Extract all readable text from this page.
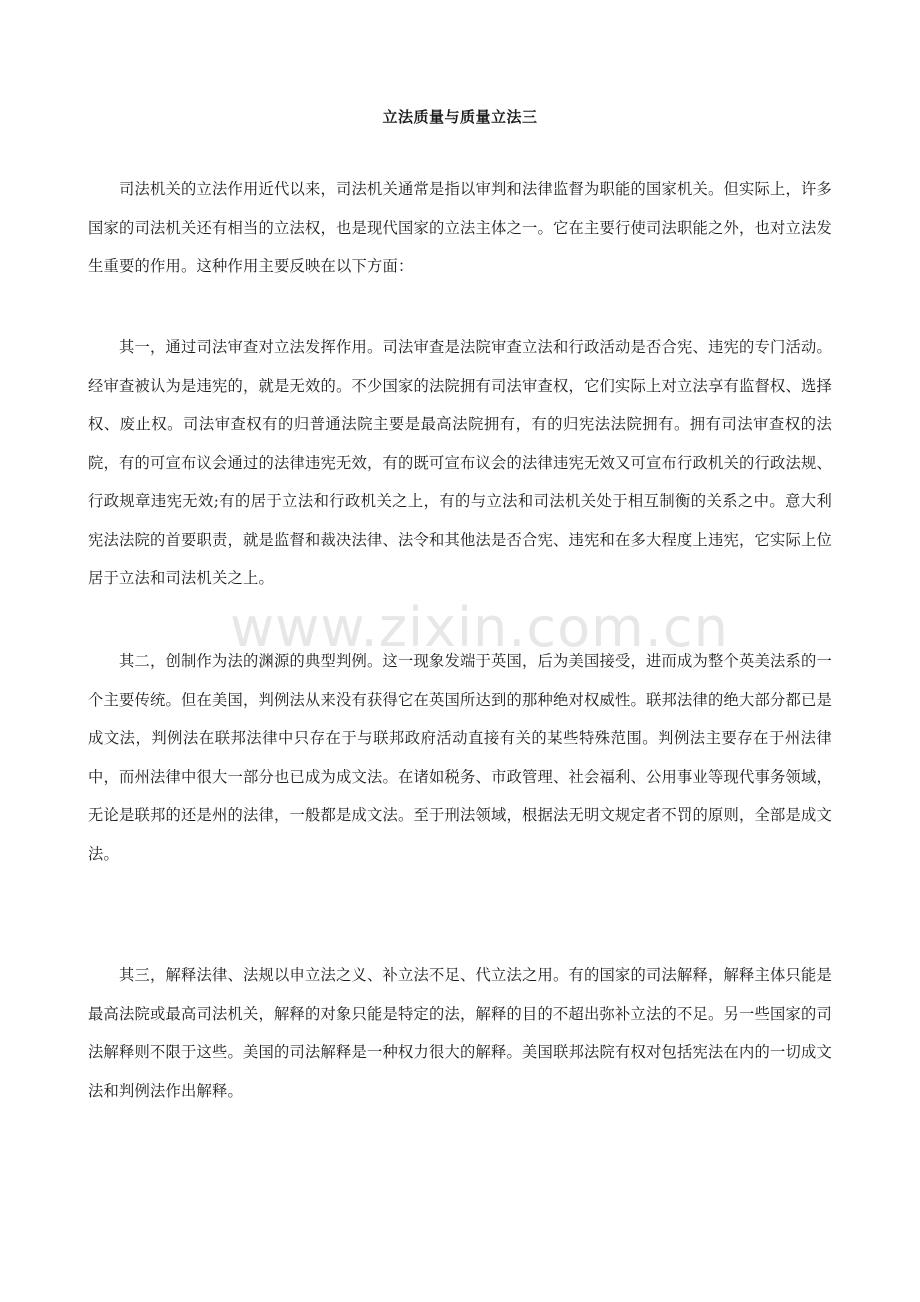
立法质量与质量立法三

司法机关的立法作用近代以来，司法机关通常是指以审判和法律监督为职能的国家机关。但实际上，许多国家的司法机关还有相当的立法权，也是现代国家的立法主体之一。它在主要行使司法职能之外，也对立法发生重要的作用。这种作用主要反映在以下方面：

其一，通过司法审查对立法发挥作用。司法审查是法院审查立法和行政活动是否合宪、违宪的专门活动。经审查被认为是违宪的，就是无效的。不少国家的法院拥有司法审查权，它们实际上对立法享有监督权、选择权、废止权。司法审查权有的归普通法院主要是最高法院拥有，有的归宪法法院拥有。拥有司法审查权的法院，有的可宣布议会通过的法律违宪无效，有的既可宣布议会的法律违宪无效又可宣布行政机关的行政法规、行政规章违宪无效;有的居于立法和行政机关之上，有的与立法和司法机关处于相互制衡的关系之中。意大利宪法法院的首要职责，就是监督和裁决法律、法令和其他法是否合宪、违宪和在多大程度上违宪，它实际上位居于立法和司法机关之上。

其二，创制作为法的渊源的典型判例。这一现象发端于英国，后为美国接受，进而成为整个英美法系的一个主要传统。但在美国，判例法从来没有获得它在英国所达到的那种绝对权威性。联邦法律的绝大部分都已是成文法，判例法在联邦法律中只存在于与联邦政府活动直接有关的某些特殊范围。判例法主要存在于州法律中，而州法律中很大一部分也已成为成文法。在诸如税务、市政管理、社会福利、公用事业等现代事务领域，无论是联邦的还是州的法律，一般都是成文法。至于刑法领域，根据法无明文规定者不罚的原则，全部是成文法。

其三，解释法律、法规以申立法之义、补立法不足、代立法之用。有的国家的司法解释，解释主体只能是最高法院或最高司法机关，解释的对象只能是特定的法，解释的目的不超出弥补立法的不足。另一些国家的司法解释则不限于这些。美国的司法解释是一种权力很大的解释。美国联邦法院有权对包括宪法在内的一切成文法和判例法作出解释。

www.zixin.com.cn
